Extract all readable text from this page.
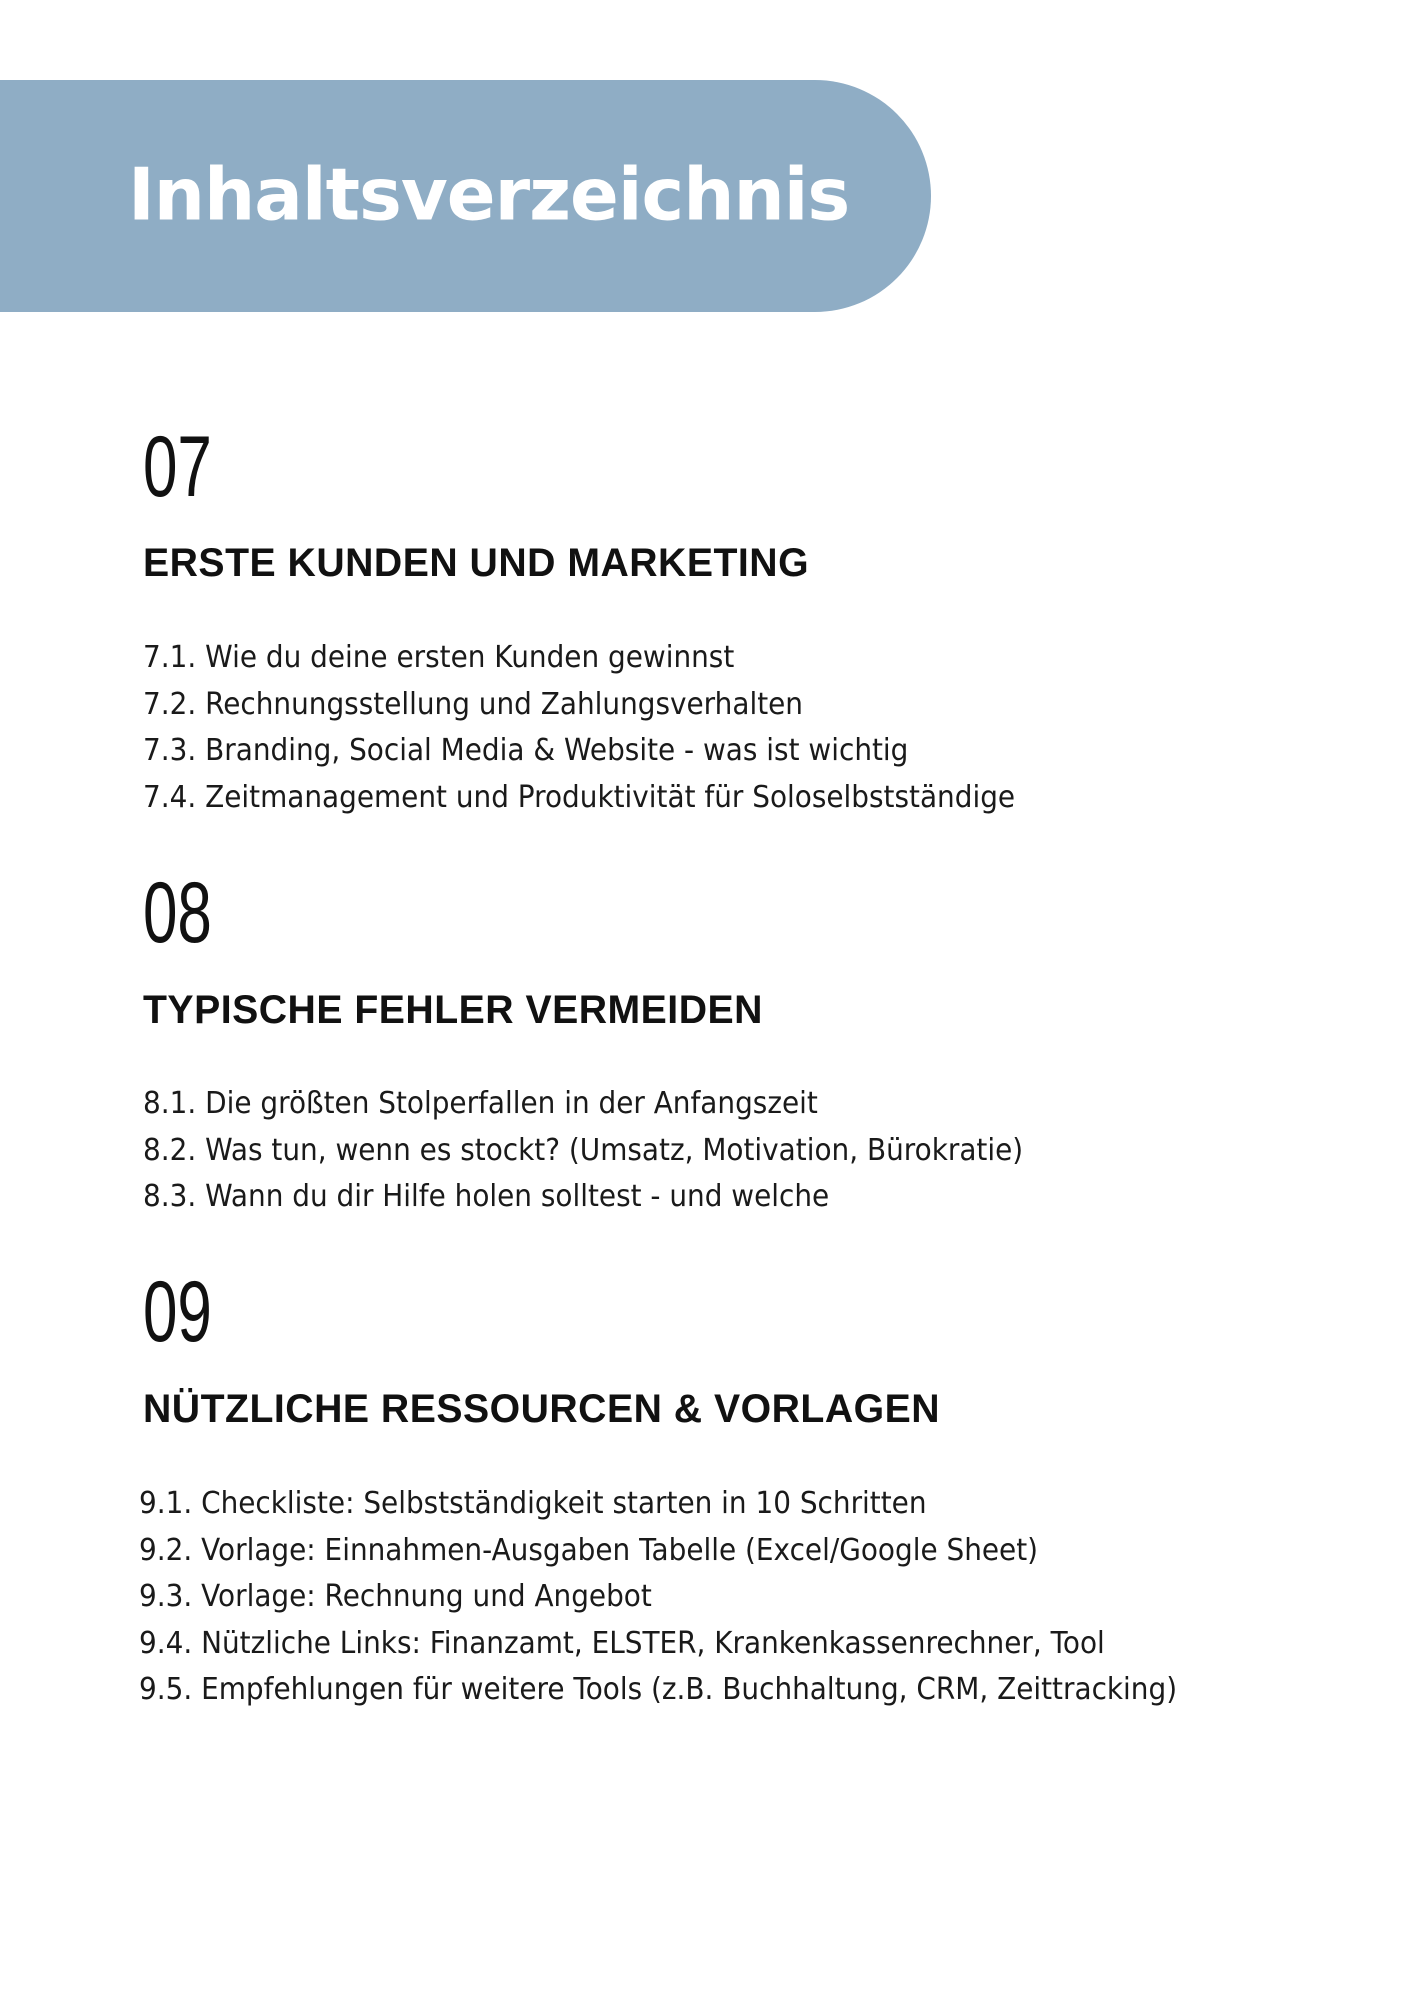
Inhaltsverzeichnis
07
ERSTE KUNDEN UND MARKETING
7.1. Wie du deine ersten Kunden gewinnst
7.2. Rechnungsstellung und Zahlungsverhalten
7.3. Branding, Social Media & Website - was ist wichtig
7.4. Zeitmanagement und Produktivität für Soloselbstständige
08
TYPISCHE FEHLER VERMEIDEN
8.1. Die größten Stolperfallen in der Anfangszeit
8.2. Was tun, wenn es stockt? (Umsatz, Motivation, Bürokratie)
8.3. Wann du dir Hilfe holen solltest - und welche
09
NÜTZLICHE RESSOURCEN & VORLAGEN
9.1. Checkliste: Selbstständigkeit starten in 10 Schritten
9.2. Vorlage: Einnahmen-Ausgaben Tabelle (Excel/Google Sheet)
9.3. Vorlage: Rechnung und Angebot
9.4. Nützliche Links: Finanzamt, ELSTER, Krankenkassenrechner, Tool
9.5. Empfehlungen für weitere Tools (z.B. Buchhaltung, CRM, Zeittracking)
